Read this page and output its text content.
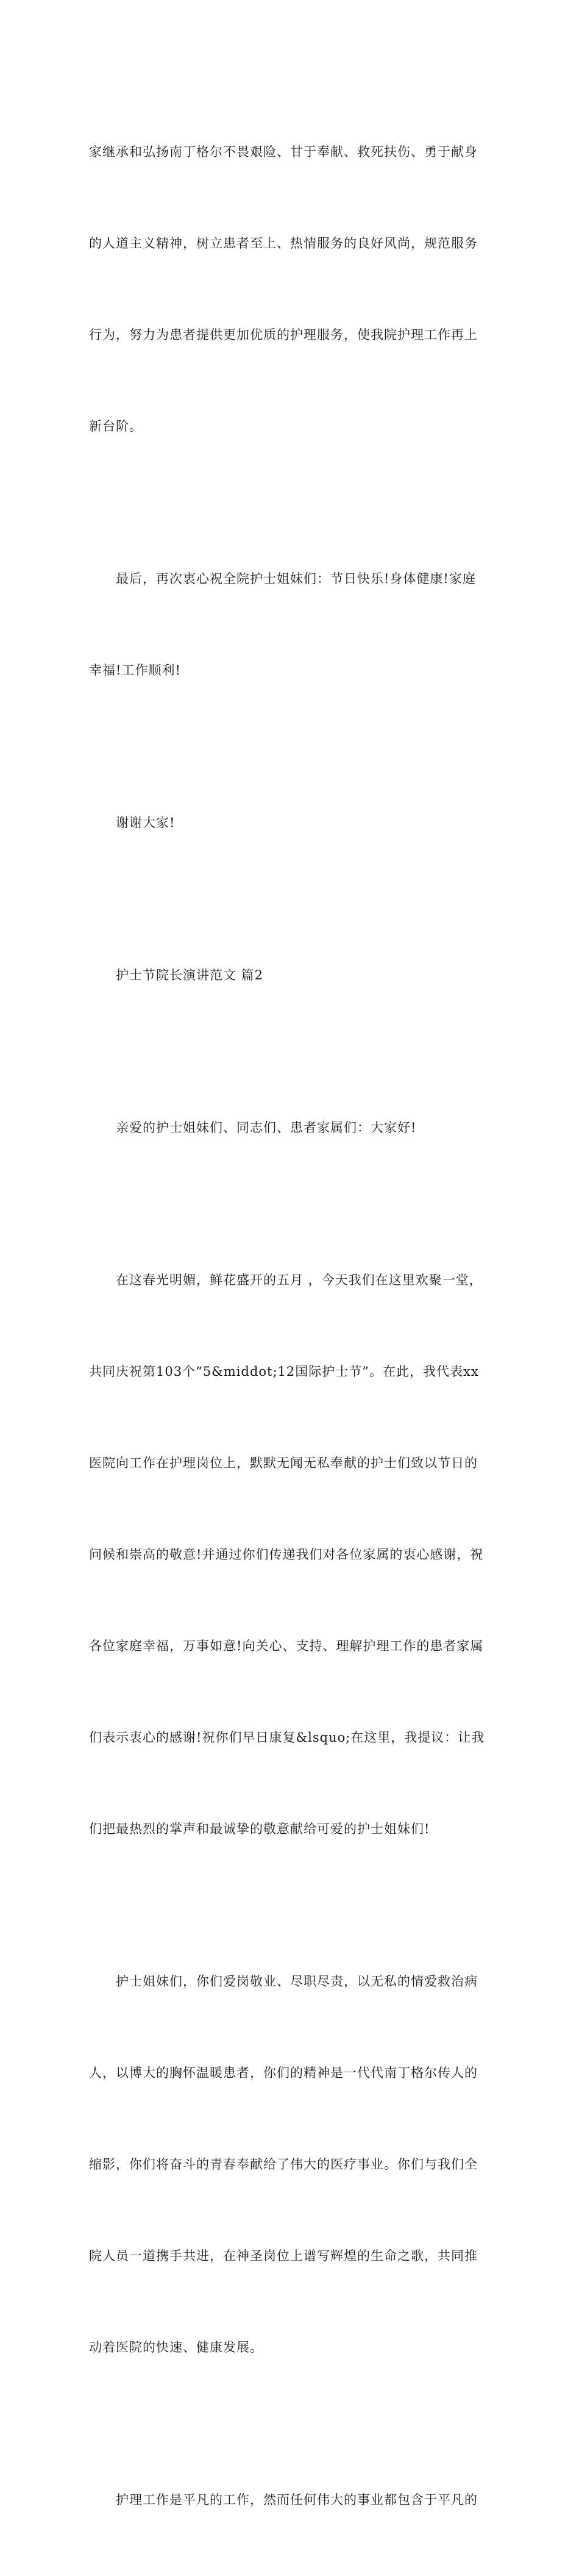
家继承和弘扬南丁格尔不畏艰险、甘于奉献、救死扶伤、勇于献身

的人道主义精神，树立患者至上、热情服务的良好风尚，规范服务

行为，努力为患者提供更加优质的护理服务，使我院护理工作再上

新台阶。

最后，再次衷心祝全院护士姐妹们：节日快乐!身体健康!家庭

幸福!工作顺利!

谢谢大家!

护士节院长演讲范文 篇2

亲爱的护士姐妹们、同志们、患者家属们：大家好!

在这春光明媚，鲜花盛开的五月 ，今天我们在这里欢聚一堂，

共同庆祝第103个“5&middot;12国际护士节”。在此，我代表xx

医院向工作在护理岗位上，默默无闻无私奉献的护士们致以节日的

问候和崇高的敬意!并通过你们传递我们对各位家属的衷心感谢，祝

各位家庭幸福，万事如意!向关心、支持、理解护理工作的患者家属

们表示衷心的感谢!祝你们早日康复&lsquo;在这里，我提议：让我

们把最热烈的掌声和最诚挚的敬意献给可爱的护士姐妹们!

护士姐妹们，你们爱岗敬业、尽职尽责，以无私的情爱救治病

人，以博大的胸怀温暖患者，你们的精神是一代代南丁格尔传人的

缩影，你们将奋斗的青春奉献给了伟大的医疗事业。你们与我们全

院人员一道携手共进，在神圣岗位上谱写辉煌的生命之歌，共同推

动着医院的快速、健康发展。

护理工作是平凡的工作，然而任何伟大的事业都包含于平凡的
